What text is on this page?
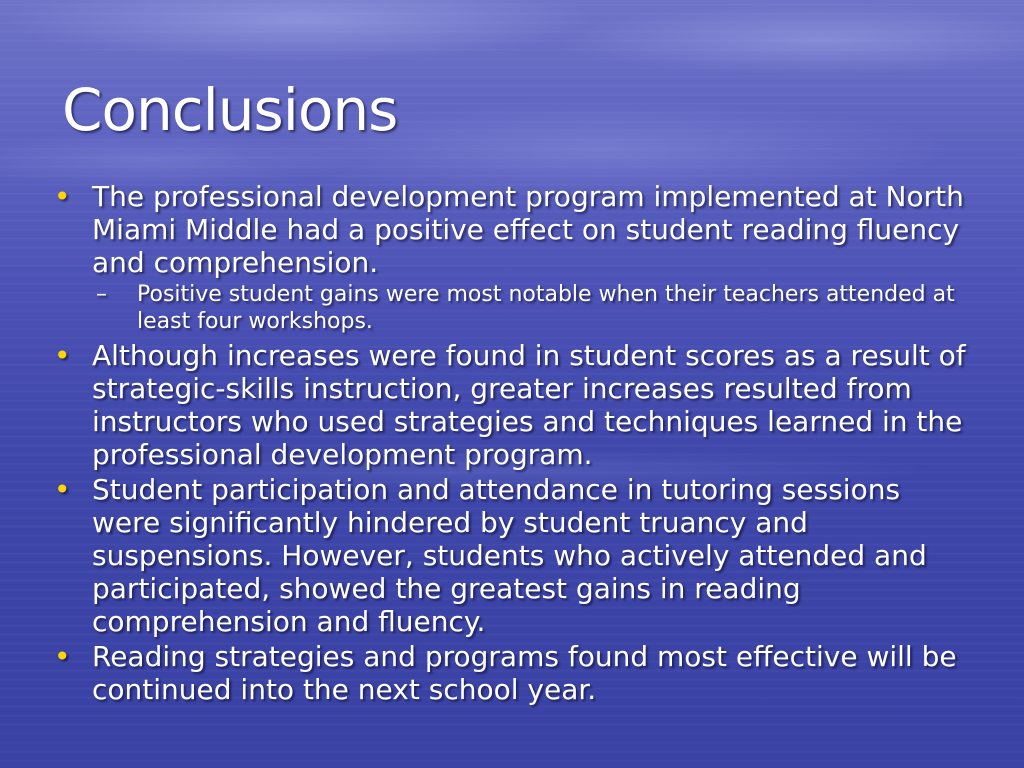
Conclusions
• The professional development program implemented at North Miami Middle had a positive effect on student reading fluency and comprehension.
– Positive student gains were most notable when their teachers attended at least four workshops.
• Although increases were found in student scores as a result of strategic-skills instruction, greater increases resulted from instructors who used strategies and techniques learned in the professional development program.
• Student participation and attendance in tutoring sessions were significantly hindered by student truancy and suspensions. However, students who actively attended and participated, showed the greatest gains in reading comprehension and fluency.
• Reading strategies and programs found most effective will be continued into the next school year.
